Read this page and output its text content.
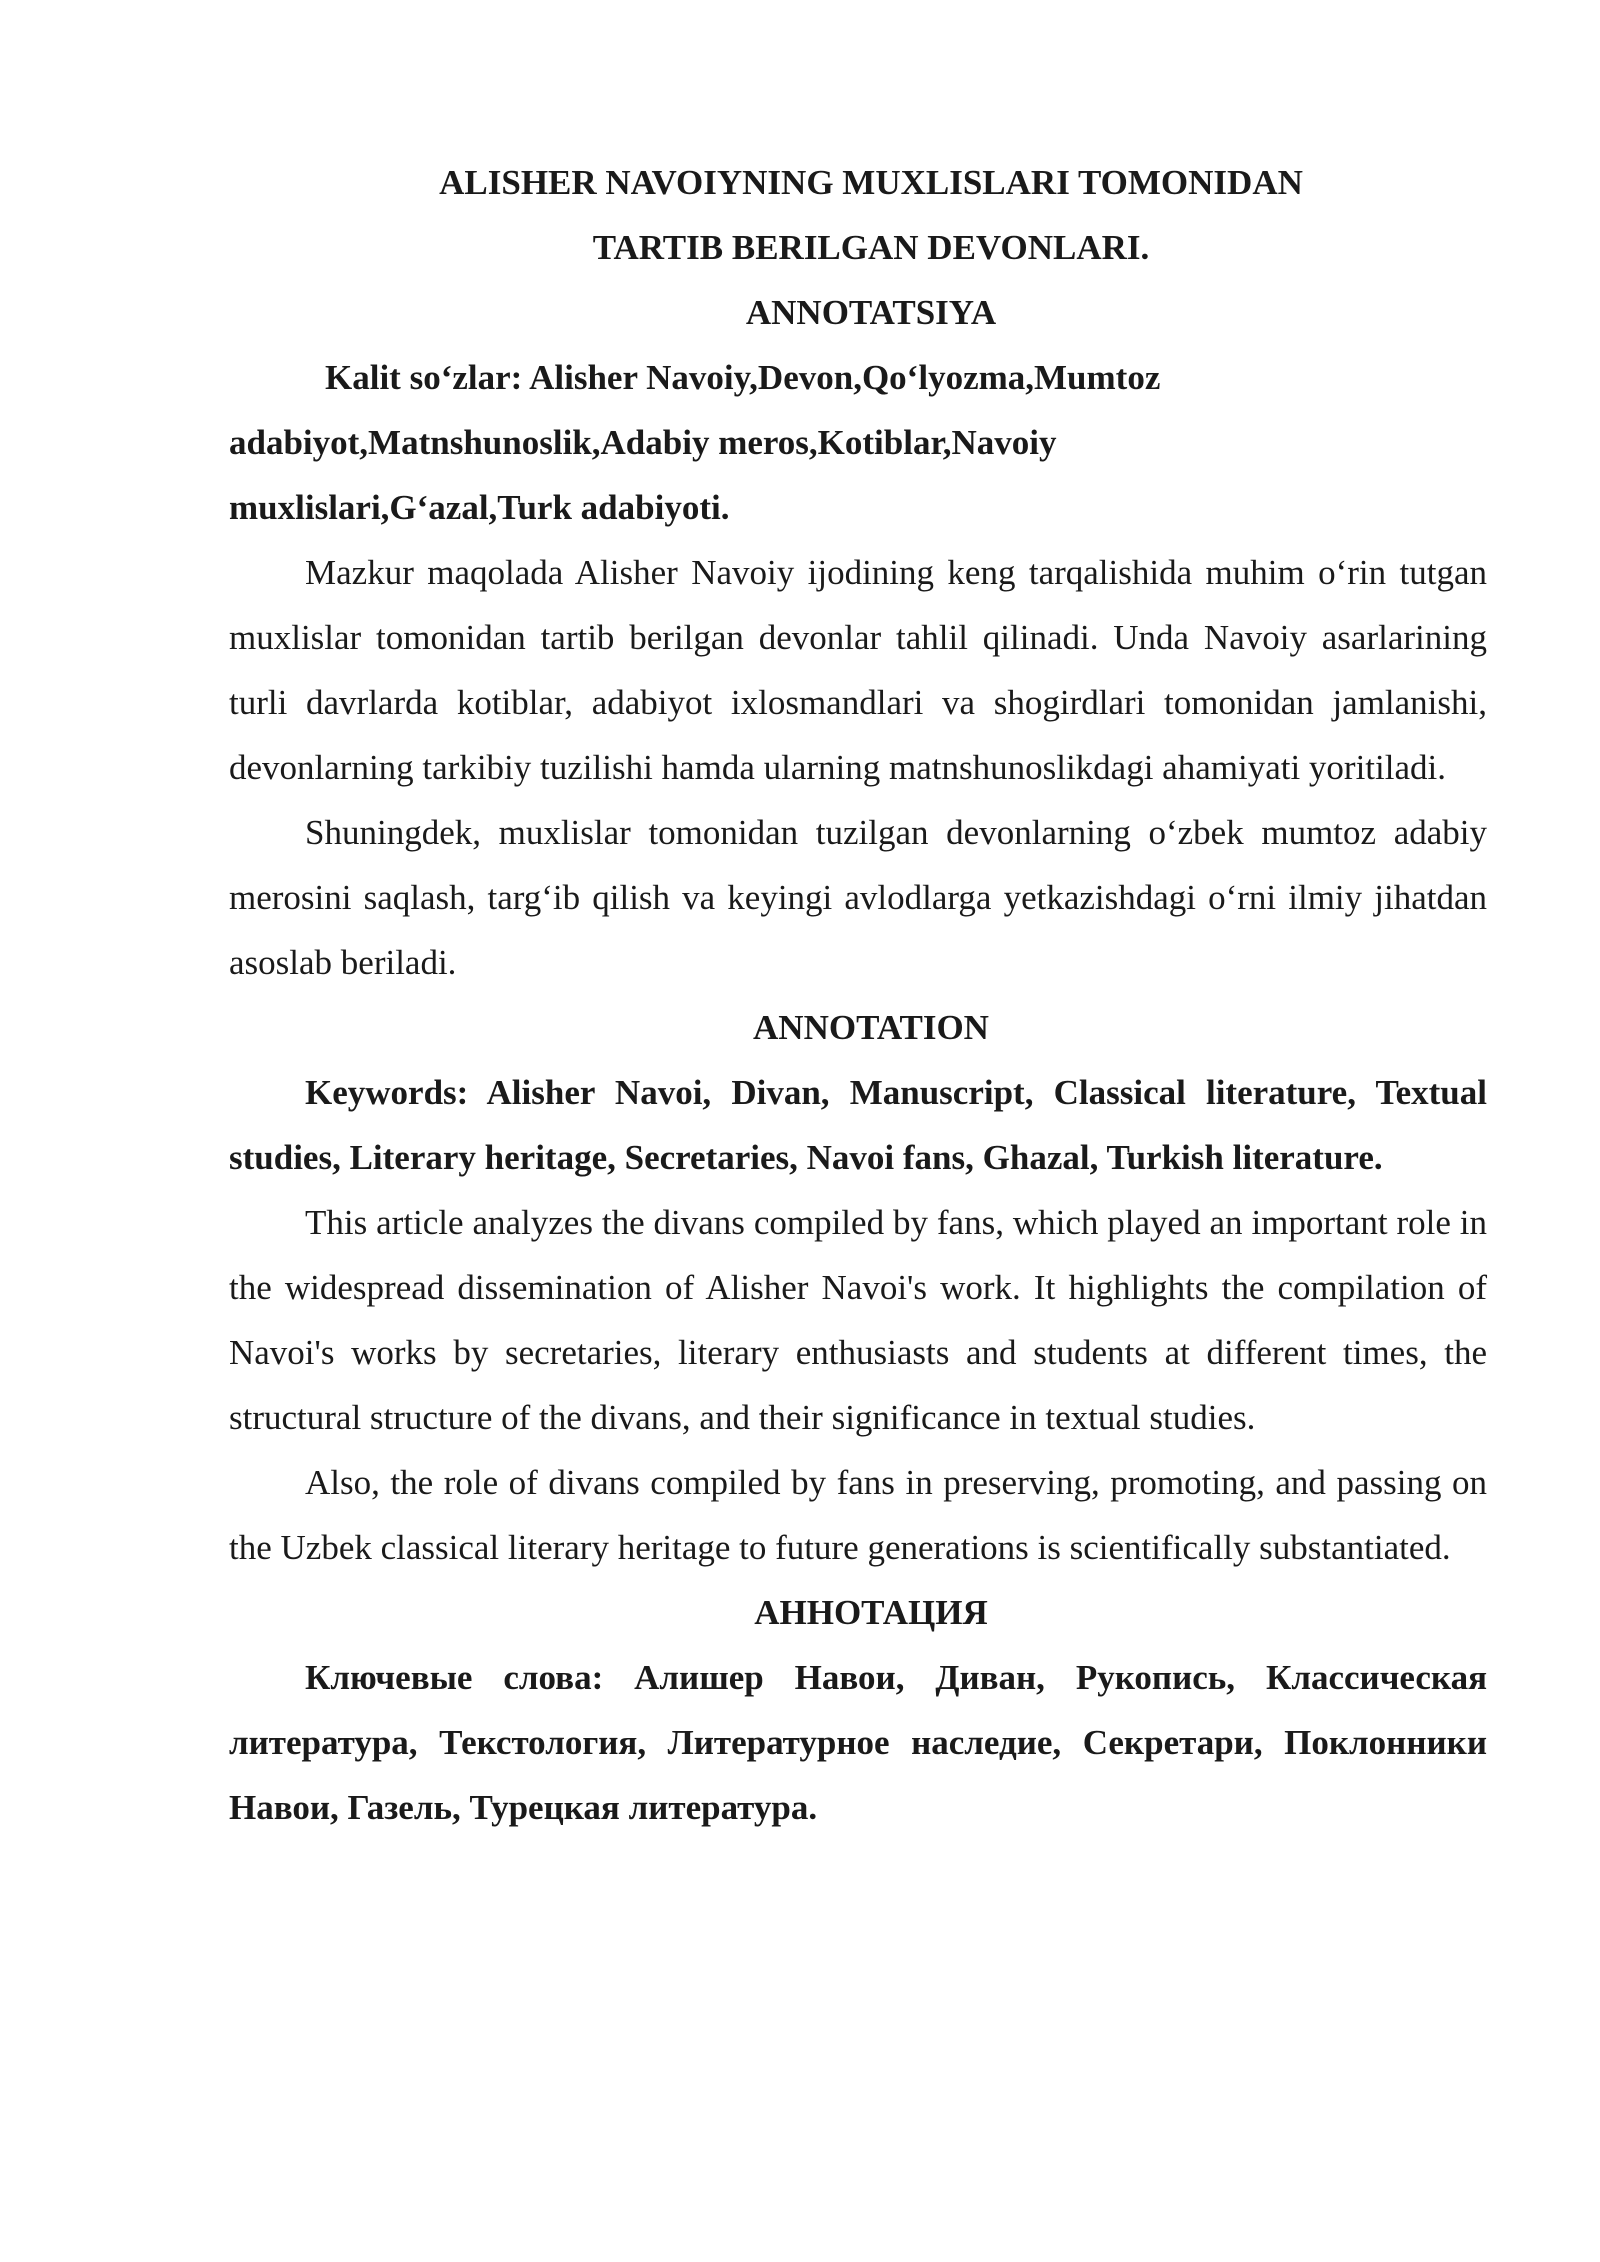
ALISHER NAVOIYNING MUXLISLARI TOMONIDAN

TARTIB BERILGAN DEVONLARI.

ANNOTATSIYA

Kalit so‘zlar: Alisher Navoiy,Devon,Qo‘lyozma,Mumtoz
adabiyot,Matnshunoslik,Adabiy meros,Kotiblar,Navoiy
muxlislari,G‘azal,Turk adabiyoti.

Mazkur maqolada Alisher Navoiy ijodining keng tarqalishida muhim o‘rin tutgan muxlislar tomonidan tartib berilgan devonlar tahlil qilinadi. Unda Navoiy asarlarining turli davrlarda kotiblar, adabiyot ixlosmandlari va shogirdlari tomonidan jamlanishi, devonlarning tarkibiy tuzilishi hamda ularning matnshunoslikdagi ahamiyati yoritiladi.

Shuningdek, muxlislar tomonidan tuzilgan devonlarning o‘zbek mumtoz adabiy merosini saqlash, targ‘ib qilish va keyingi avlodlarga yetkazishdagi o‘rni ilmiy jihatdan asoslab beriladi.

ANNOTATION

Keywords: Alisher Navoi, Divan, Manuscript, Classical literature, Textual studies, Literary heritage, Secretaries, Navoi fans, Ghazal, Turkish literature.

This article analyzes the divans compiled by fans, which played an important role in the widespread dissemination of Alisher Navoi's work. It highlights the compilation of Navoi's works by secretaries, literary enthusiasts and students at different times, the structural structure of the divans, and their significance in textual studies.

Also, the role of divans compiled by fans in preserving, promoting, and passing on the Uzbek classical literary heritage to future generations is scientifically substantiated.

АННОТАЦИЯ

Ключевые слова: Алишер Навои, Диван, Рукопись, Классическая литература, Текстология, Литературное наследие, Секретари, Поклонники Навои, Газель, Турецкая литература.
